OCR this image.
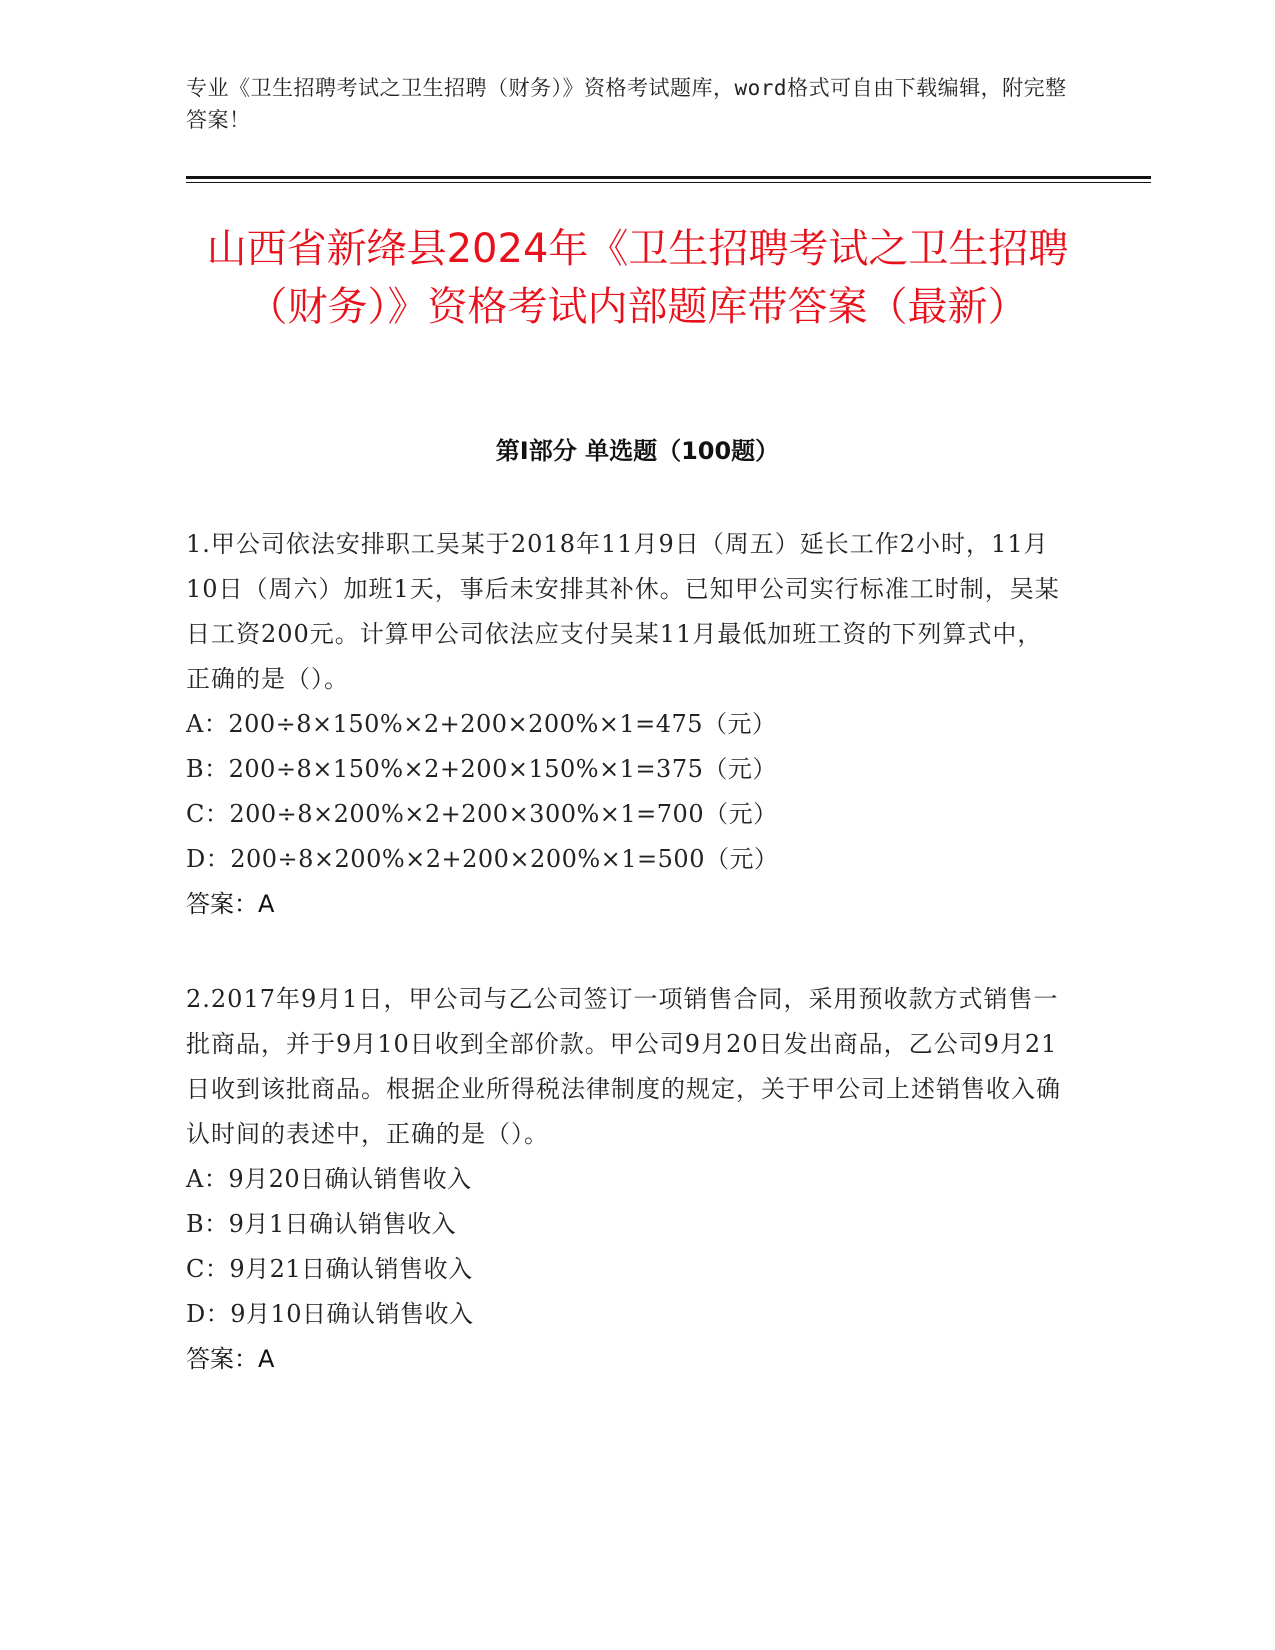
专业《卫生招聘考试之卫生招聘（财务）》资格考试题库，word格式可自由下载编辑，附完整答案！
山西省新绛县2024年《卫生招聘考试之卫生招聘（财务）》资格考试内部题库带答案（最新）
第I部分 单选题（100题）

1.甲公司依法安排职工吴某于2018年11月9日（周五）延长工作2小时，11月10日（周六）加班1天，事后未安排其补休。已知甲公司实行标准工时制，吴某日工资200元。计算甲公司依法应支付吴某11月最低加班工资的下列算式中，正确的是（）。

A：200÷8×150%×2+200×200%×1=475（元）

B：200÷8×150%×2+200×150%×1=375（元）

C：200÷8×200%×2+200×300%×1=700（元）

D：200÷8×200%×2+200×200%×1=500（元）

答案：A

2.2017年9月1日，甲公司与乙公司签订一项销售合同，采用预收款方式销售一批商品，并于9月10日收到全部价款。甲公司9月20日发出商品，乙公司9月21日收到该批商品。根据企业所得税法律制度的规定，关于甲公司上述销售收入确认时间的表述中，正确的是（）。

A：9月20日确认销售收入

B：9月1日确认销售收入

C：9月21日确认销售收入

D：9月10日确认销售收入

答案：A
